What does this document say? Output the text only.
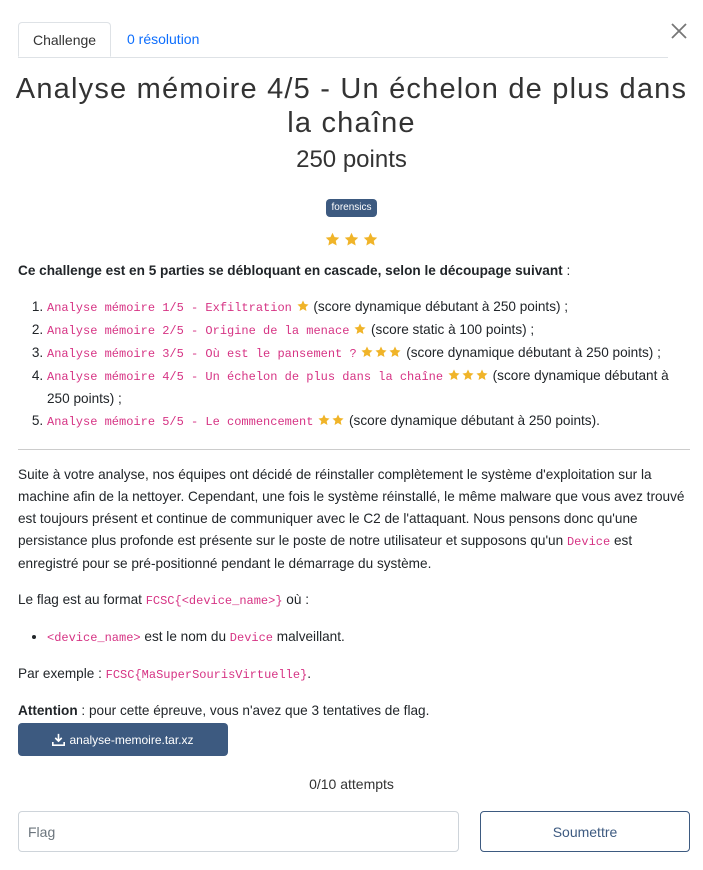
Challenge	0 résolution
Analyse mémoire 4/5 - Un échelon de plus dans la chaîne
250 points
forensics

Ce challenge est en 5 parties se débloquant en cascade, selon le découpage suivant :

1. Analyse mémoire 1/5 - Exfiltration (score dynamique débutant à 250 points) ;
2. Analyse mémoire 2/5 - Origine de la menace (score static à 100 points) ;
3. Analyse mémoire 3/5 - Où est le pansement ?	(score dynamique débutant à 250 points) ;
4. Analyse mémoire 4/5 - Un échelon de plus dans la chaîne	(score dynamique débutant à 250 points) ;
5. Analyse mémoire 5/5 - Le commencement	(score dynamique débutant à 250 points).

Suite à votre analyse, nos équipes ont décidé de réinstaller complètement le système d'exploitation sur la machine afin de la nettoyer. Cependant, une fois le système réinstallé, le même malware que vous avez trouvé est toujours présent et continue de communiquer avec le C2 de l'attaquant. Nous pensons donc qu'une persistance plus profonde est présente sur le poste de notre utilisateur et supposons qu'un Device est enregistré pour se pré-positionné pendant le démarrage du système.

Le flag est au format FCSC{<device_name>} où :

• <device_name> est le nom du Device malveillant.

Par exemple : FCSC{MaSuperSourisVirtuelle}.

Attention : pour cette épreuve, vous n'avez que 3 tentatives de flag.

analyse-memoire.tar.xz
0/10 attempts
Flag
Soumettre
